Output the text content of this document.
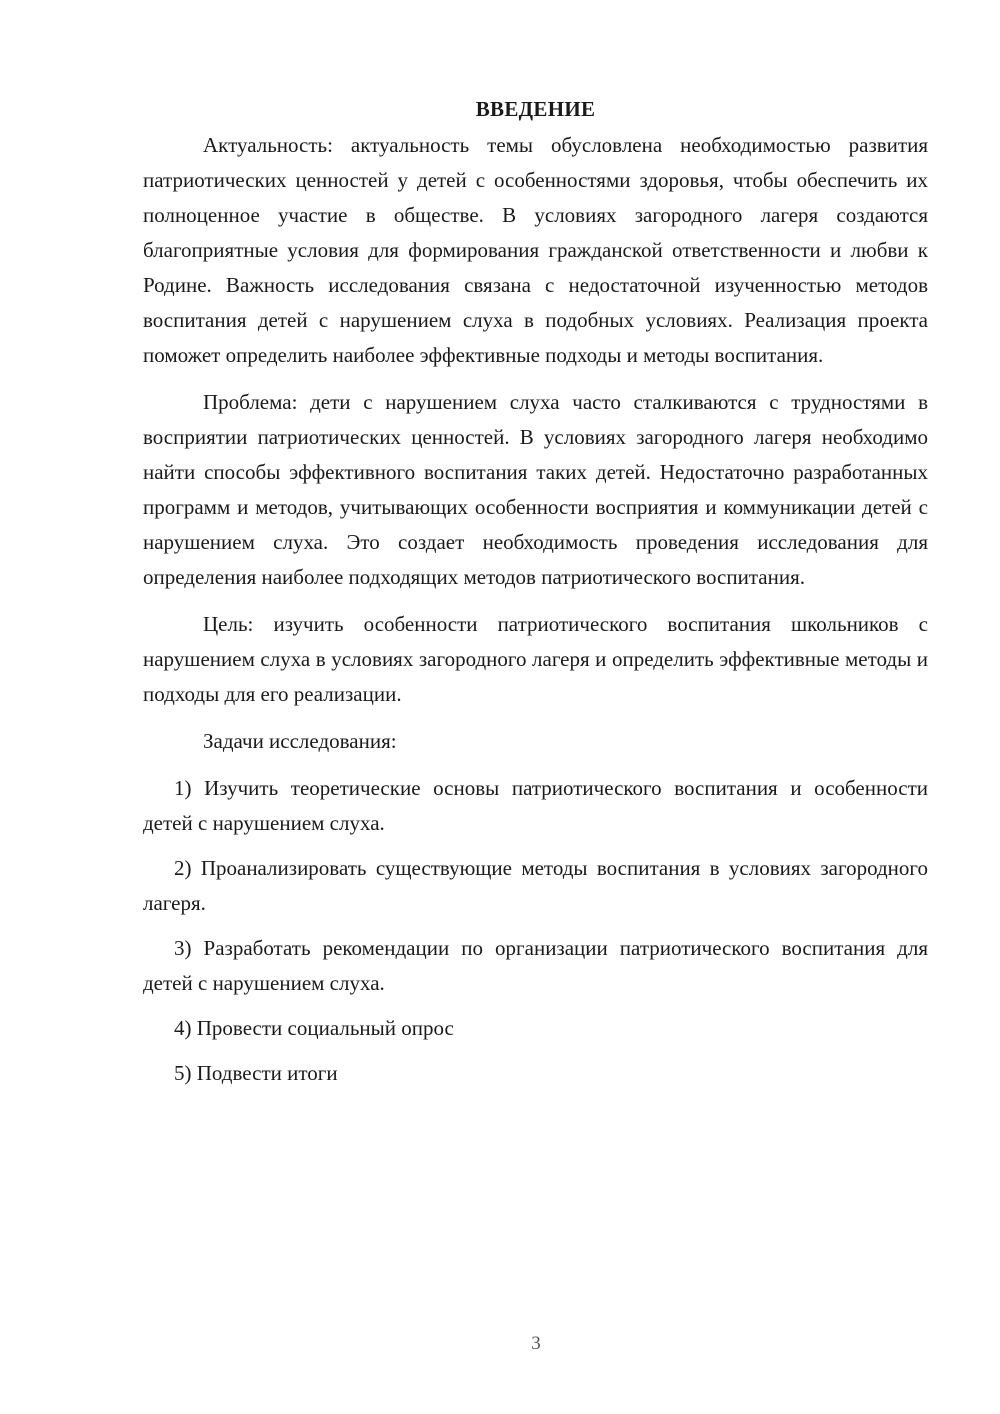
ВВЕДЕНИЕ

Актуальность: актуальность темы обусловлена необходимостью развития патриотических ценностей у детей с особенностями здоровья, чтобы обеспечить их полноценное участие в обществе. В условиях загородного лагеря создаются благоприятные условия для формирования гражданской ответственности и любви к Родине. Важность исследования связана с недостаточной изученностью методов воспитания детей с нарушением слуха в подобных условиях. Реализация проекта поможет определить наиболее эффективные подходы и методы воспитания.

Проблема: дети с нарушением слуха часто сталкиваются с трудностями в восприятии патриотических ценностей. В условиях загородного лагеря необходимо найти способы эффективного воспитания таких детей. Недостаточно разработанных программ и методов, учитывающих особенности восприятия и коммуникации детей с нарушением слуха. Это создает необходимость проведения исследования для определения наиболее подходящих методов патриотического воспитания.

Цель: изучить особенности патриотического воспитания школьников с нарушением слуха в условиях загородного лагеря и определить эффективные методы и подходы для его реализации.

Задачи исследования:

1) Изучить теоретические основы патриотического воспитания и особенности детей с нарушением слуха.

2) Проанализировать существующие методы воспитания в условиях загородного лагеря.

3) Разработать рекомендации по организации патриотического воспитания для детей с нарушением слуха.

4) Провести социальный опрос

5) Подвести итоги

3
